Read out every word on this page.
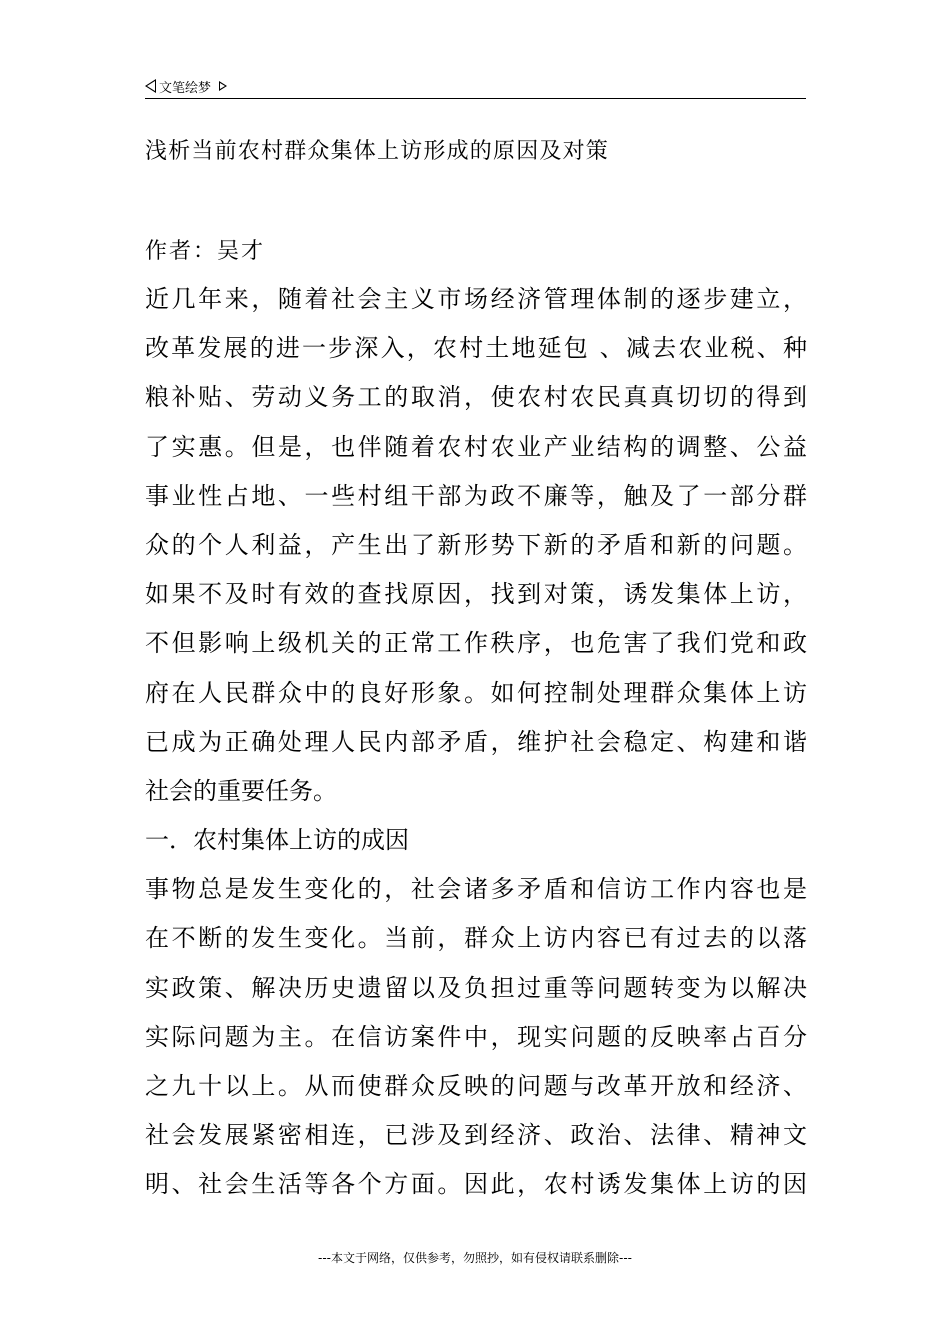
文笔绘梦
浅析当前农村群众集体上访形成的原因及对策
作者：吴才
近几年来，随着社会主义市场经济管理体制的逐步建立，
改革发展的进一步深入，农村土地延包 、减去农业税、种
粮补贴、劳动义务工的取消，使农村农民真真切切的得到
了实惠。但是，也伴随着农村农业产业结构的调整、公益
事业性占地、一些村组干部为政不廉等，触及了一部分群
众的个人利益，产生出了新形势下新的矛盾和新的问题。
如果不及时有效的查找原因，找到对策，诱发集体上访，
不但影响上级机关的正常工作秩序，也危害了我们党和政
府在人民群众中的良好形象。如何控制处理群众集体上访
已成为正确处理人民内部矛盾，维护社会稳定、构建和谐
社会的重要任务。
一．农村集体上访的成因
事物总是发生变化的，社会诸多矛盾和信访工作内容也是
在不断的发生变化。当前，群众上访内容已有过去的以落
实政策、解决历史遗留以及负担过重等问题转变为以解决
实际问题为主。在信访案件中，现实问题的反映率占百分
之九十以上。从而使群众反映的问题与改革开放和经济、
社会发展紧密相连，已涉及到经济、政治、法律、精神文
明、社会生活等各个方面。因此，农村诱发集体上访的因
---本文于网络，仅供参考，勿照抄，如有侵权请联系删除---
